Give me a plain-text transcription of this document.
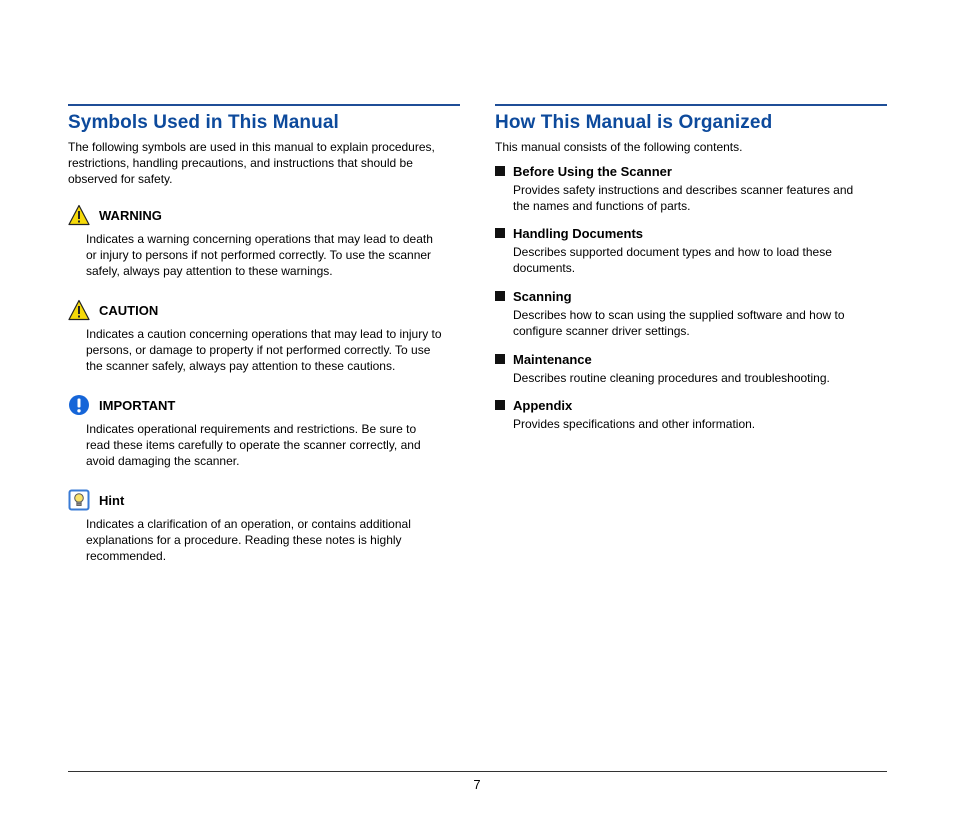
Symbols Used in This Manual

The following symbols are used in this manual to explain procedures,
restrictions, handling precautions, and instructions that should be
observed for safety.

WARNING

Indicates a warning concerning operations that may lead to death
or injury to persons if not performed correctly. To use the scanner
safely, always pay attention to these warnings.

CAUTION

Indicates a caution concerning operations that may lead to injury to
persons, or damage to property if not performed correctly. To use
the scanner safely, always pay attention to these cautions.

IMPORTANT

Indicates operational requirements and restrictions. Be sure to
read these items carefully to operate the scanner correctly, and
avoid damaging the scanner.

Hint

Indicates a clarification of an operation, or contains additional
explanations for a procedure. Reading these notes is highly
recommended.

How This Manual is Organized

This manual consists of the following contents.

Before Using the Scanner

Provides safety instructions and describes scanner features and
the names and functions of parts.

Handling Documents

Describes supported document types and how to load these
documents.

Scanning

Describes how to scan using the supplied software and how to
configure scanner driver settings.

Maintenance

Describes routine cleaning procedures and troubleshooting.

Appendix

Provides specifications and other information.

7
